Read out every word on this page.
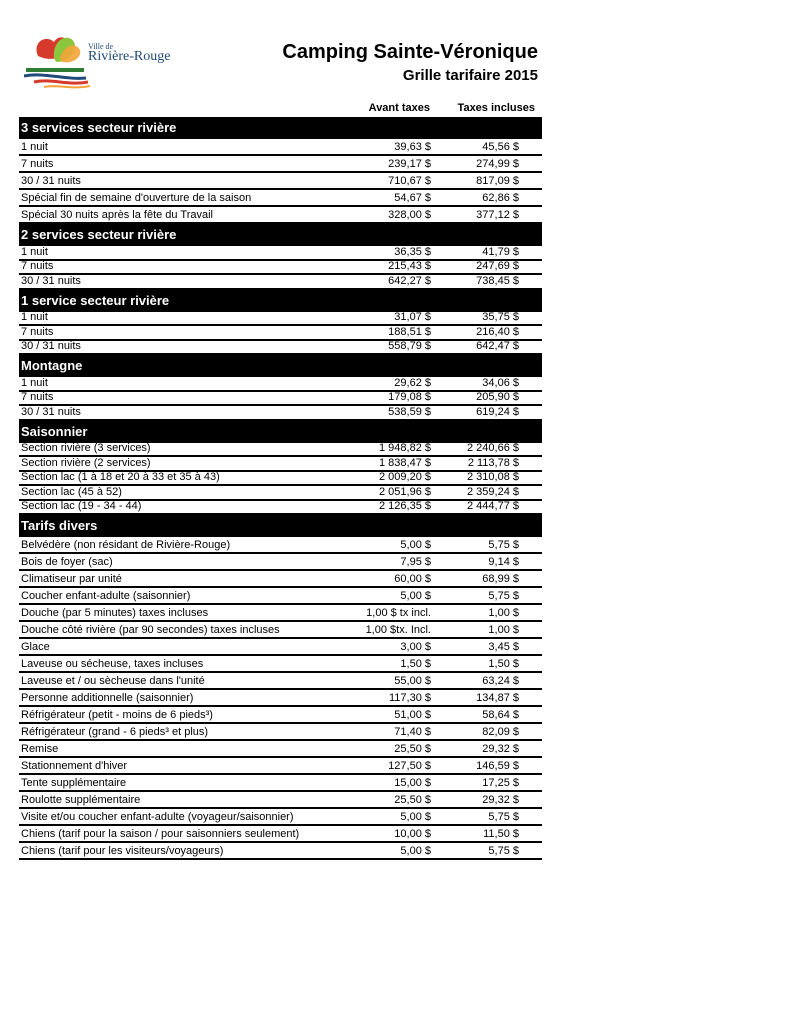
Ville de
Rivière-Rouge	Camping Sainte-Véronique
Grille tarifaire 2015
Avant taxes	Taxes incluses
3 services secteur rivière
1 nuit	39,63 $	45,56 $
7 nuits	239,17 $	274,99 $
30 / 31 nuits	710,67 $	817,09 $
Spécial fin de semaine d'ouverture de la saison	54,67 $	62,86 $
Spécial 30 nuits après la fête du Travail	328,00 $	377,12 $
2 services secteur rivière
1 nuit	36,35 $	41,79 $
7 nuits	215,43 $	247,69 $
30 / 31 nuits	642,27 $	738,45 $
1 service secteur rivière
1 nuit	31,07 $	35,75 $
7 nuits	188,51 $	216,40 $
30 / 31 nuits	558,79 $	642,47 $
Montagne
1 nuit	29,62 $	34,06 $
7 nuits	179,08 $	205,90 $
30 / 31 nuits	538,59 $	619,24 $
Saisonnier
Section rivière (3 services)	1 948,82 $	2 240,66 $
Section rivière (2 services)	1 838,47 $	2 113,78 $
Section lac (1 à 18 et 20 à 33 et 35 à 43)	2 009,20 $	2 310,08 $
Section lac (45 à 52)	2 051,96 $	2 359,24 $
Section lac (19 - 34 - 44)	2 126,35 $	2 444,77 $
Tarifs divers
Belvédère (non résidant de Rivière-Rouge)	5,00 $	5,75 $
Bois de foyer (sac)	7,95 $	9,14 $
Climatiseur par unité	60,00 $	68,99 $
Coucher enfant-adulte (saisonnier)	5,00 $	5,75 $
Douche (par 5 minutes) taxes incluses	1,00 $ tx incl.	1,00 $
Douche côté rivière (par 90 secondes) taxes incluses	1,00 $tx. Incl.	1,00 $
Glace	3,00 $	3,45 $
Laveuse ou sécheuse, taxes incluses	1,50 $	1,50 $
Laveuse et / ou sècheuse dans l'unité	55,00 $	63,24 $
Personne additionnelle (saisonnier)	117,30 $	134,87 $
Réfrigérateur (petit - moins de 6 pieds³)	51,00 $	58,64 $
Réfrigérateur (grand - 6 pieds³ et plus)	71,40 $	82,09 $
Remise	25,50 $	29,32 $
Stationnement d'hiver	127,50 $	146,59 $
Tente supplémentaire	15,00 $	17,25 $
Roulotte supplémentaire	25,50 $	29,32 $
Visite et/ou coucher enfant-adulte (voyageur/saisonnier)	5,00 $	5,75 $
Chiens (tarif pour la saison / pour saisonniers seulement)	10,00 $	11,50 $
Chiens (tarif pour les visiteurs/voyageurs)	5,00 $	5,75 $
